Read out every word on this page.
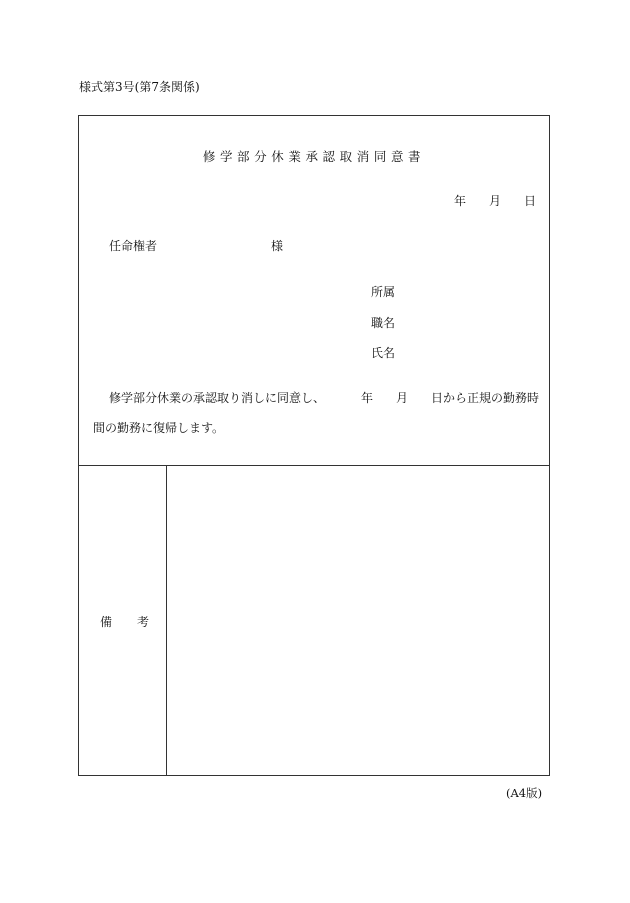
様式第3号(第7条関係)
修学部分休業承認取消同意書
年 月 日
任命権者	様
所属
職名
氏名
修学部分休業の承認取り消しに同意し、	年 月 日から正規の勤務時
間の勤務に復帰します。
備 考
(A4版)
